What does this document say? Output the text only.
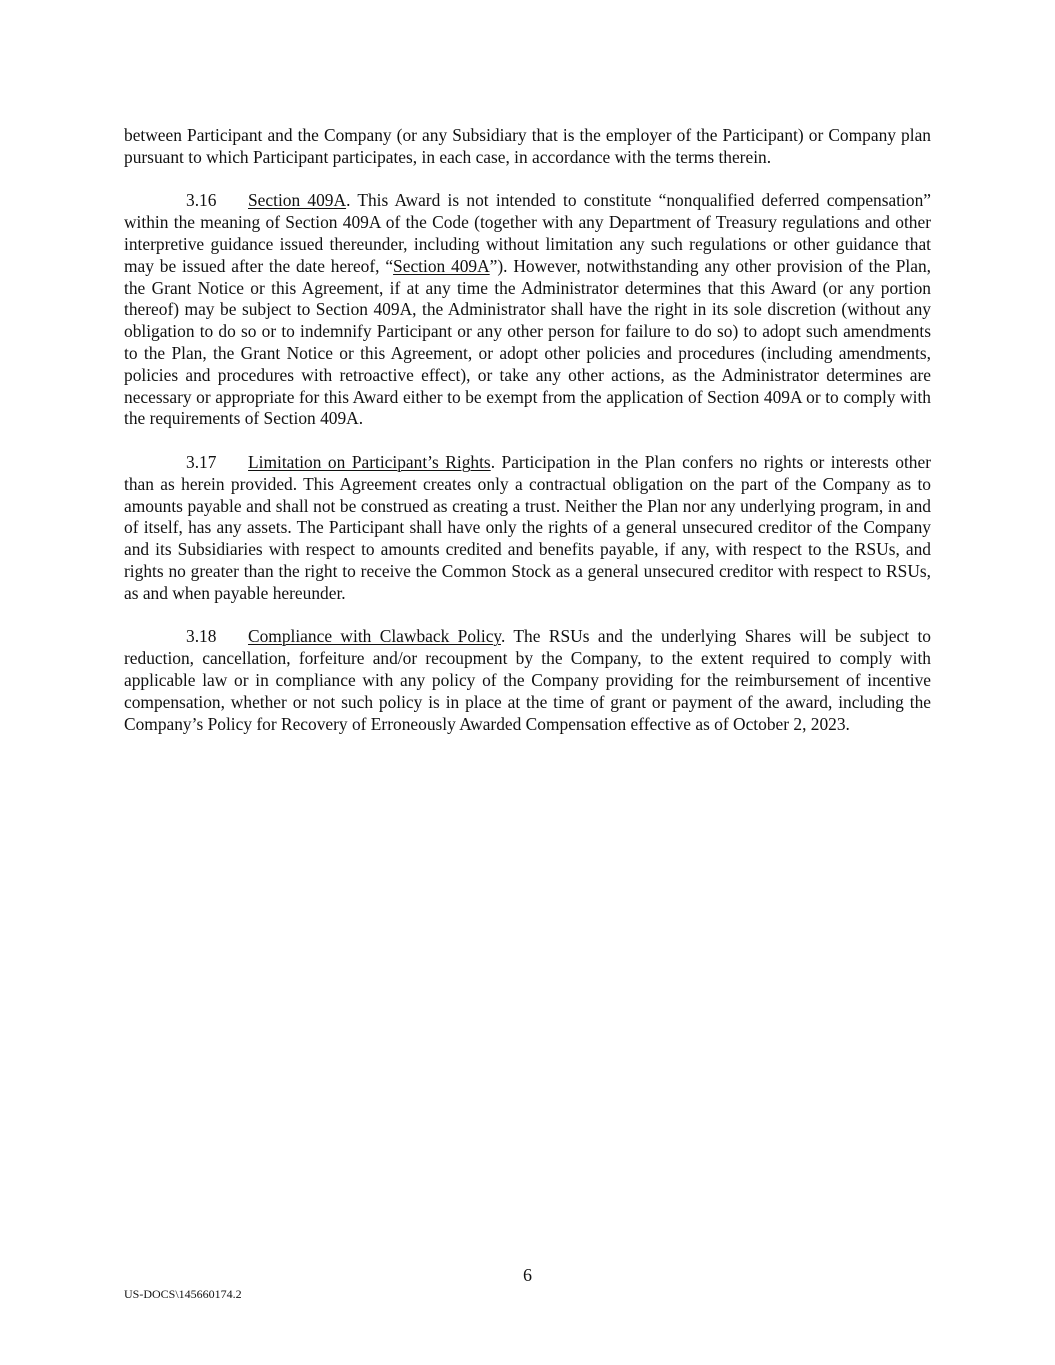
between Participant and the Company (or any Subsidiary that is the employer of the Participant) or Company plan pursuant to which Participant participates, in each case, in accordance with the terms therein.

3.16 Section 409A. This Award is not intended to constitute “nonqualified deferred compensation” within the meaning of Section 409A of the Code (together with any Department of Treasury regulations and other interpretive guidance issued thereunder, including without limitation any such regulations or other guidance that may be issued after the date hereof, “Section 409A”). However, notwithstanding any other provision of the Plan, the Grant Notice or this Agreement, if at any time the Administrator determines that this Award (or any portion thereof) may be subject to Section 409A, the Administrator shall have the right in its sole discretion (without any obligation to do so or to indemnify Participant or any other person for failure to do so) to adopt such amendments to the Plan, the Grant Notice or this Agreement, or adopt other policies and procedures (including amendments, policies and procedures with retroactive effect), or take any other actions, as the Administrator determines are necessary or appropriate for this Award either to be exempt from the application of Section 409A or to comply with the requirements of Section 409A.

3.17 Limitation on Participant’s Rights. Participation in the Plan confers no rights or interests other than as herein provided. This Agreement creates only a contractual obligation on the part of the Company as to amounts payable and shall not be construed as creating a trust. Neither the Plan nor any underlying program, in and of itself, has any assets. The Participant shall have only the rights of a general unsecured creditor of the Company and its Subsidiaries with respect to amounts credited and benefits payable, if any, with respect to the RSUs, and rights no greater than the right to receive the Common Stock as a general unsecured creditor with respect to RSUs, as and when payable hereunder.

3.18 Compliance with Clawback Policy. The RSUs and the underlying Shares will be subject to reduction, cancellation, forfeiture and/or recoupment by the Company, to the extent required to comply with applicable law or in compliance with any policy of the Company providing for the reimbursement of incentive compensation, whether or not such policy is in place at the time of grant or payment of the award, including the Company’s Policy for Recovery of Erroneously Awarded Compensation effective as of October 2, 2023.

6
US-DOCS\145660174.2
